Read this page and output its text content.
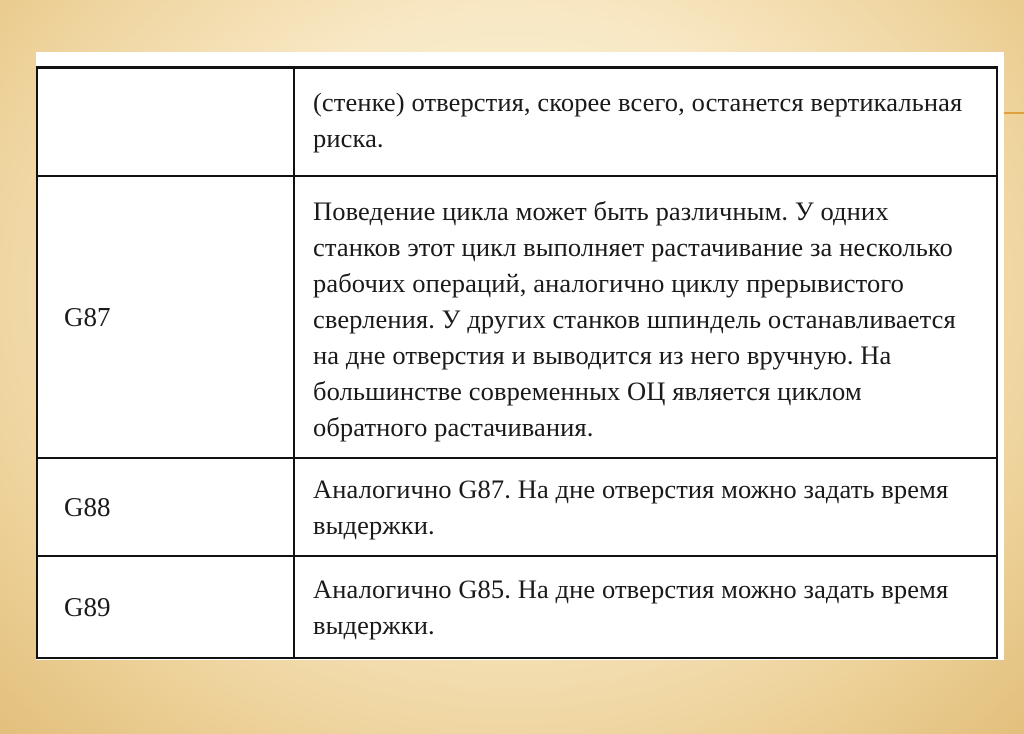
	(стенке) отверстия, скорее всего, останется вертикальная риска.
G87	Поведение цикла может быть различным. У одних станков этот цикл выполняет растачивание за несколько рабочих операций, аналогично циклу прерывистого сверления. У других станков шпиндель останавливается на дне отверстия и выводится из него вручную. На большинстве современных ОЦ является циклом обратного растачивания.
G88	Аналогично G87. На дне отверстия можно задать время выдержки.
G89	Аналогично G85. На дне отверстия можно задать время выдержки.
